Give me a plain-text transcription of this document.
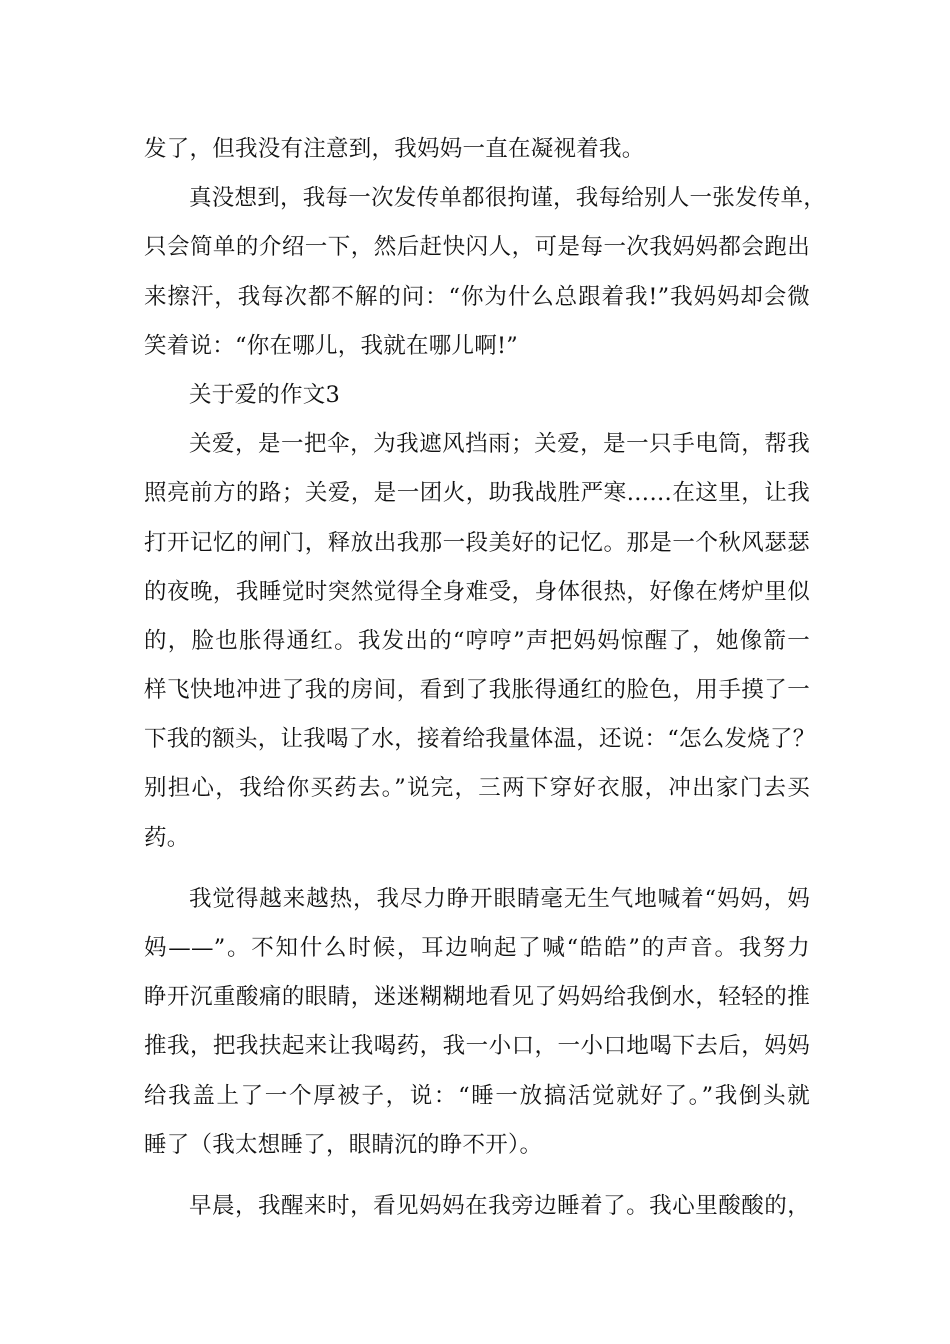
发了，但我没有注意到，我妈妈一直在凝视着我。
真没想到，我每一次发传单都很拘谨，我每给别人一张发传单，
只会简单的介绍一下，然后赶快闪人，可是每一次我妈妈都会跑出
来擦汗，我每次都不解的问：“你为什么总跟着我!”我妈妈却会微
笑着说：“你在哪儿，我就在哪儿啊!”
关于爱的作文3
关爱，是一把伞，为我遮风挡雨；关爱，是一只手电筒，帮我
照亮前方的路；关爱，是一团火，助我战胜严寒……在这里，让我
打开记忆的闸门，释放出我那一段美好的记忆。那是一个秋风瑟瑟
的夜晚，我睡觉时突然觉得全身难受，身体很热，好像在烤炉里似
的，脸也胀得通红。我发出的“哼哼”声把妈妈惊醒了，她像箭一
样飞快地冲进了我的房间，看到了我胀得通红的脸色，用手摸了一
下我的额头，让我喝了水，接着给我量体温，还说：“怎么发烧了？
别担心，我给你买药去。”说完，三两下穿好衣服，冲出家门去买
药。
我觉得越来越热，我尽力睁开眼睛毫无生气地喊着“妈妈，妈
妈——”。不知什么时候，耳边响起了喊“皓皓”的声音。我努力
睁开沉重酸痛的眼睛，迷迷糊糊地看见了妈妈给我倒水，轻轻的推
推我，把我扶起来让我喝药，我一小口，一小口地喝下去后，妈妈
给我盖上了一个厚被子，说：“睡一放搞活觉就好了。”我倒头就
睡了（我太想睡了，眼睛沉的睁不开）。
早晨，我醒来时，看见妈妈在我旁边睡着了。我心里酸酸的，
